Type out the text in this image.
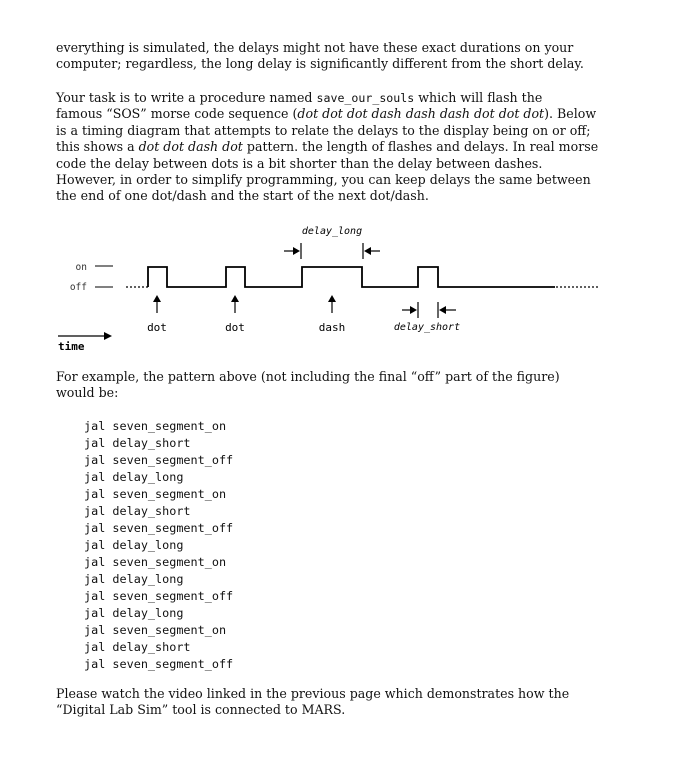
everything is simulated, the delays might not have these exact durations on your
computer; regardless, the long delay is significantly different from the short delay.

Your task is to write a procedure named save_our_souls which will flash the
famous “SOS” morse code sequence (dot dot dot dash dash dash dot dot dot). Below
is a timing diagram that attempts to relate the delays to the display being on or off;
this shows a dot dot dash dot pattern. the length of flashes and delays. In real morse
code the delay between dots is a bit shorter than the delay between dashes.
However, in order to simplify programming, you can keep delays the same between
the end of one dot/dash and the start of the next dot/dash.

on
off
delay_long
delay_short
dot	dot	dash
time

For example, the pattern above (not including the final “off” part of the figure)
would be:

jal seven_segment_on
jal delay_short
jal seven_segment_off
jal delay_long
jal seven_segment_on
jal delay_short
jal seven_segment_off
jal delay_long
jal seven_segment_on
jal delay_long
jal seven_segment_off
jal delay_long
jal seven_segment_on
jal delay_short
jal seven_segment_off

Please watch the video linked in the previous page which demonstrates how the
“Digital Lab Sim” tool is connected to MARS.
